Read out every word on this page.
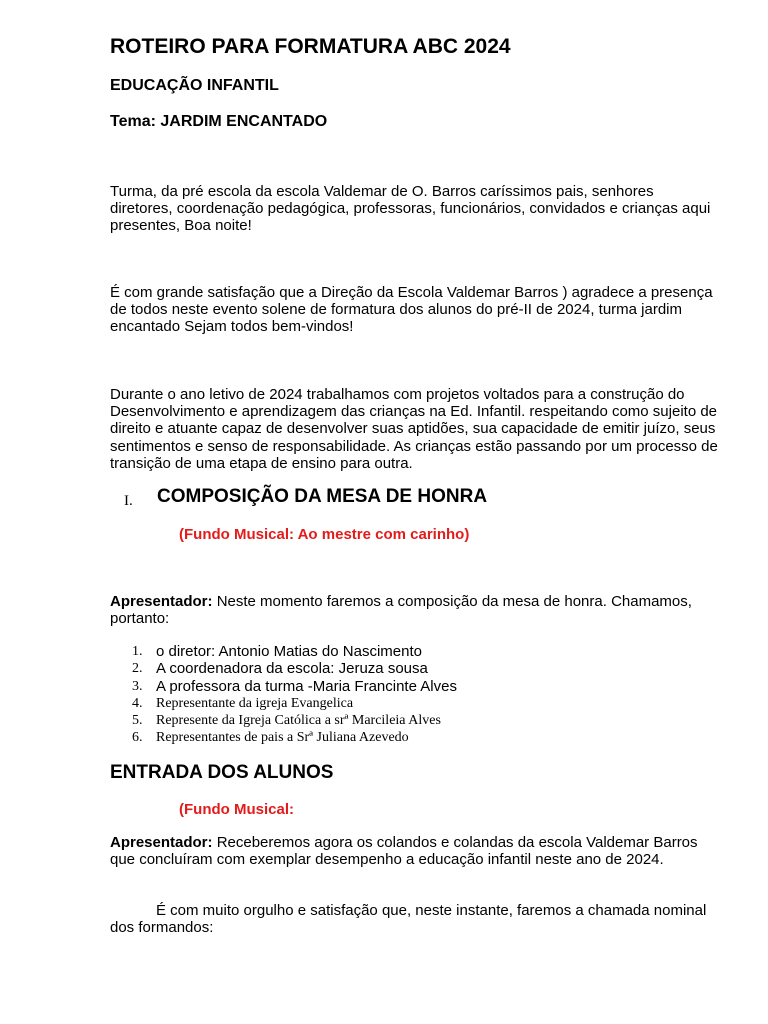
ROTEIRO PARA FORMATURA ABC 2024
EDUCAÇÃO INFANTIL
Tema: JARDIM ENCANTADO
Turma, da pré escola da escola Valdemar de O. Barros caríssimos pais, senhores diretores, coordenação pedagógica, professoras, funcionários, convidados e crianças aqui presentes, Boa noite!
É com grande satisfação que a Direção da Escola Valdemar Barros ) agradece a presença de todos neste evento solene de formatura dos alunos do pré-II de 2024, turma jardim encantado Sejam todos bem-vindos!
Durante o ano letivo de 2024 trabalhamos com projetos voltados para a construção do Desenvolvimento e aprendizagem das crianças na Ed. Infantil. respeitando como sujeito de direito e atuante capaz de desenvolver suas aptidões, sua capacidade de emitir juízo, seus sentimentos e senso de responsabilidade. As crianças estão passando por um processo de transição de uma etapa de ensino para outra.
I. COMPOSIÇÃO DA MESA DE HONRA
(Fundo Musical: Ao mestre com carinho)
Apresentador: Neste momento faremos a composição da mesa de honra. Chamamos, portanto:
1. o diretor: Antonio Matias do Nascimento
2. A coordenadora da escola: Jeruza sousa
3. A professora da turma -Maria Francinte Alves
4. Representante da igreja Evangelica
5. Represente da Igreja Católica a srª Marcileia Alves
6. Representantes de pais a Srª Juliana Azevedo
ENTRADA DOS ALUNOS
(Fundo Musical:
Apresentador: Receberemos agora os colandos e colandas da escola Valdemar Barros que concluíram com exemplar desempenho a educação infantil neste ano de 2024.
É com muito orgulho e satisfação que, neste instante, faremos a chamada nominal dos formandos:
